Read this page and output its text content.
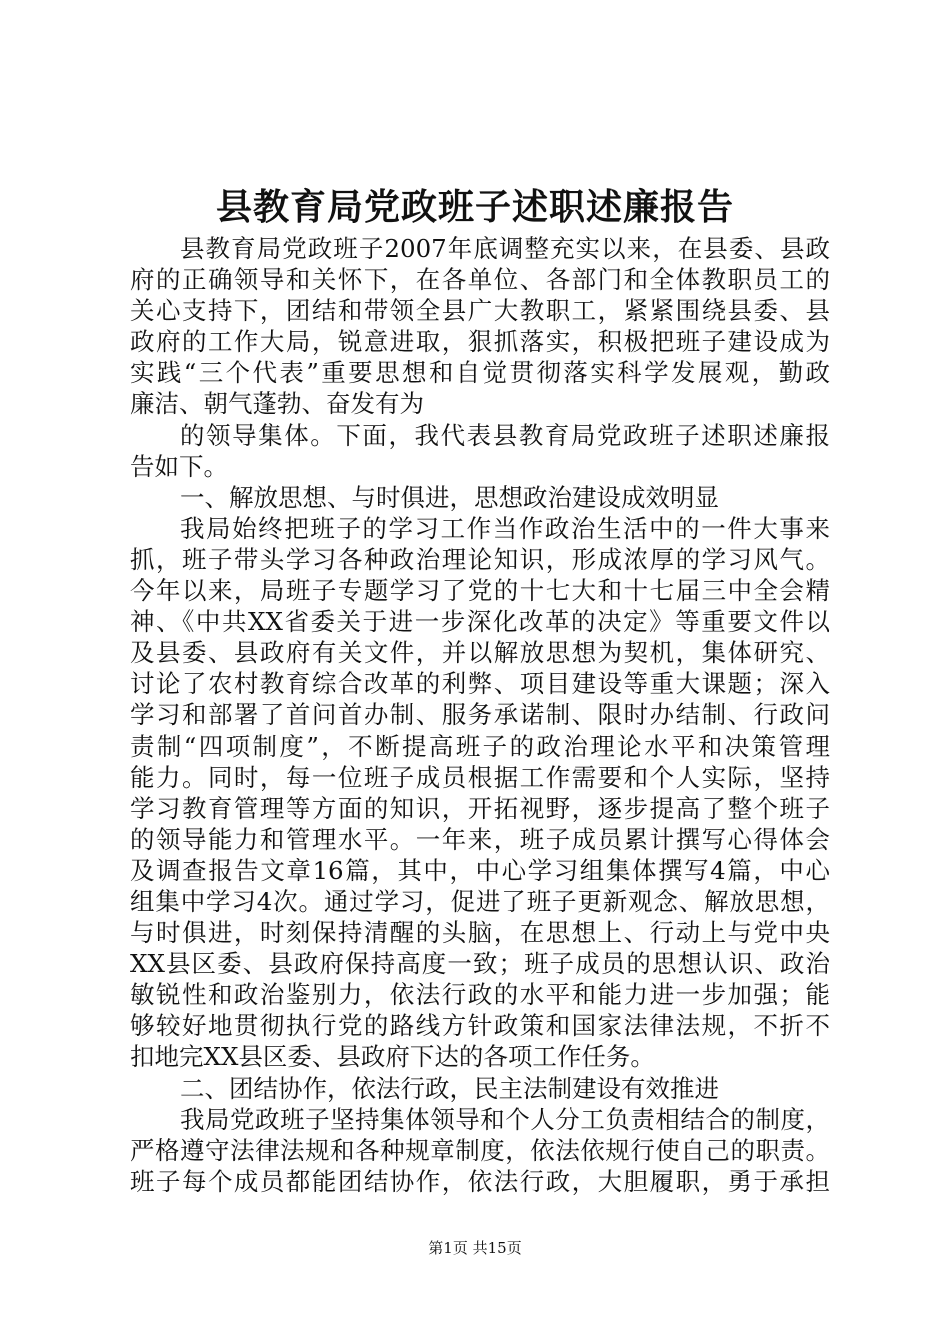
县教育局党政班子述职述廉报告
县教育局党政班子2007年底调整充实以来，在县委、县政
府的正确领导和关怀下，在各单位、各部门和全体教职员工的
关心支持下，团结和带领全县广大教职工，紧紧围绕县委、县
政府的工作大局，锐意进取，狠抓落实，积极把班子建设成为
实践“三个代表”重要思想和自觉贯彻落实科学发展观，勤政
廉洁、朝气蓬勃、奋发有为
的领导集体。下面，我代表县教育局党政班子述职述廉报
告如下。
一、解放思想、与时俱进，思想政治建设成效明显
我局始终把班子的学习工作当作政治生活中的一件大事来
抓，班子带头学习各种政治理论知识，形成浓厚的学习风气。
今年以来，局班子专题学习了党的十七大和十七届三中全会精
神、《中共XX省委关于进一步深化改革的决定》等重要文件以
及县委、县政府有关文件，并以解放思想为契机，集体研究、
讨论了农村教育综合改革的利弊、项目建设等重大课题；深入
学习和部署了首问首办制、服务承诺制、限时办结制、行政问
责制“四项制度”，不断提高班子的政治理论水平和决策管理
能力。同时，每一位班子成员根据工作需要和个人实际，坚持
学习教育管理等方面的知识，开拓视野，逐步提高了整个班子
的领导能力和管理水平。一年来，班子成员累计撰写心得体会
及调查报告文章16篇，其中，中心学习组集体撰写4篇，中心
组集中学习4次。通过学习，促进了班子更新观念、解放思想，
与时俱进，时刻保持清醒的头脑，在思想上、行动上与党中央
XX县区委、县政府保持高度一致；班子成员的思想认识、政治
敏锐性和政治鉴别力，依法行政的水平和能力进一步加强；能
够较好地贯彻执行党的路线方针政策和国家法律法规，不折不
扣地完XX县区委、县政府下达的各项工作任务。
二、团结协作，依法行政，民主法制建设有效推进
我局党政班子坚持集体领导和个人分工负责相结合的制度，
严格遵守法律法规和各种规章制度，依法依规行使自己的职责。
班子每个成员都能团结协作，依法行政，大胆履职，勇于承担
第1页 共15页
